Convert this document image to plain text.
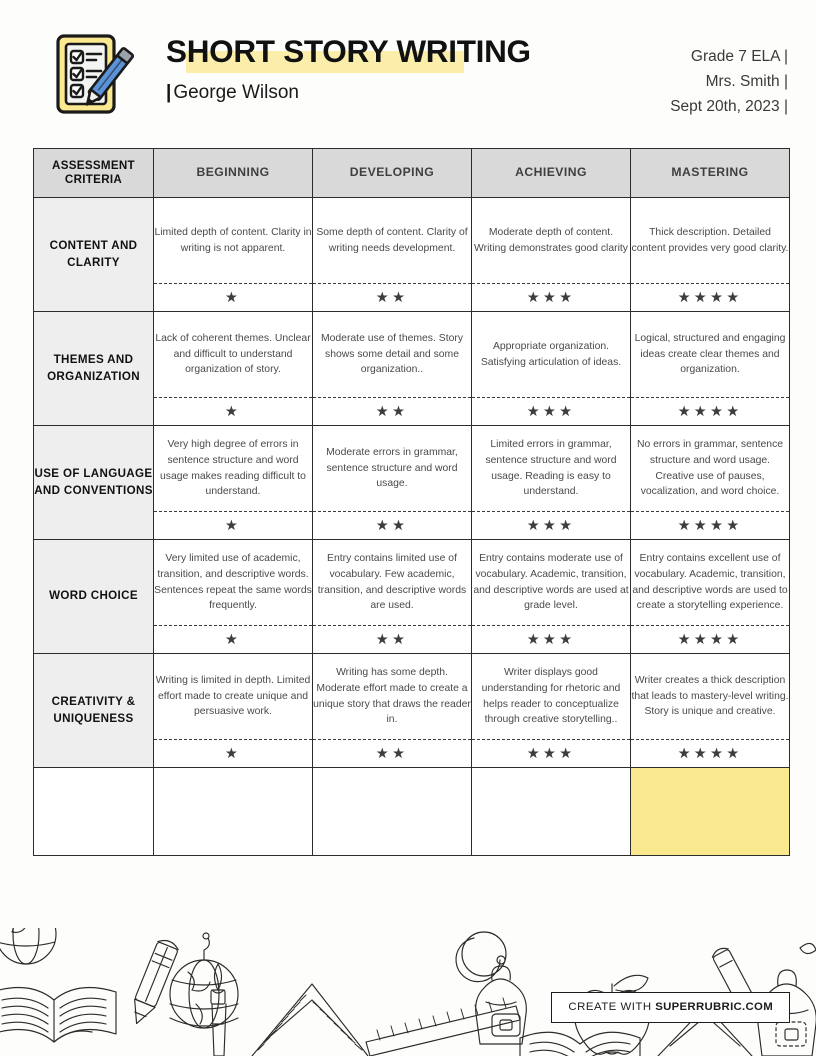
SHORT STORY WRITING
| George Wilson
Grade 7 ELA |
Mrs. Smith |
Sept 20th, 2023 |
ASSESSMENT CRITERIA	BEGINNING	DEVELOPING	ACHIEVING	MASTERING
CONTENT AND CLARITY	Limited depth of content. Clarity in writing is not apparent.	Some depth of content. Clarity of writing needs development.	Moderate depth of content. Writing demonstrates good clarity	Thick description. Detailed content provides very good clarity.
	★	★★	★★★	★★★★
THEMES AND ORGANIZATION	Lack of coherent themes. Unclear and difficult to understand organization of story.	Moderate use of themes. Story shows some detail and some organization..	Appropriate organization. Satisfying articulation of ideas.	Logical, structured and engaging ideas create clear themes and organization.
	★	★★	★★★	★★★★
USE OF LANGUAGE AND CONVENTIONS	Very high degree of errors in sentence structure and word usage makes reading difficult to understand.	Moderate errors in grammar, sentence structure and word usage.	Limited errors in grammar, sentence structure and word usage. Reading is easy to understand.	No errors in grammar, sentence structure and word usage. Creative use of pauses, vocalization, and word choice.
	★	★★	★★★	★★★★
WORD CHOICE	Very limited use of academic, transition, and descriptive words. Sentences repeat the same words frequently.	Entry contains limited use of vocabulary. Few academic, transition, and descriptive words are used.	Entry contains moderate use of vocabulary. Academic, transition, and descriptive words are used at grade level.	Entry contains excellent use of vocabulary. Academic, transition, and descriptive words are used to create a storytelling experience.
	★	★★	★★★	★★★★
CREATIVITY & UNIQUENESS	Writing is limited in depth. Limited effort made to create unique and persuasive work.	Writing has some depth. Moderate effort made to create a unique story that draws the reader in.	Writer displays good understanding for rhetoric and helps reader to conceptualize through creative storytelling..	Writer creates a thick description that leads to mastery-level writing. Story is unique and creative.
	★	★★	★★★	★★★★

CREATE WITH SUPERRUBRIC.COM
